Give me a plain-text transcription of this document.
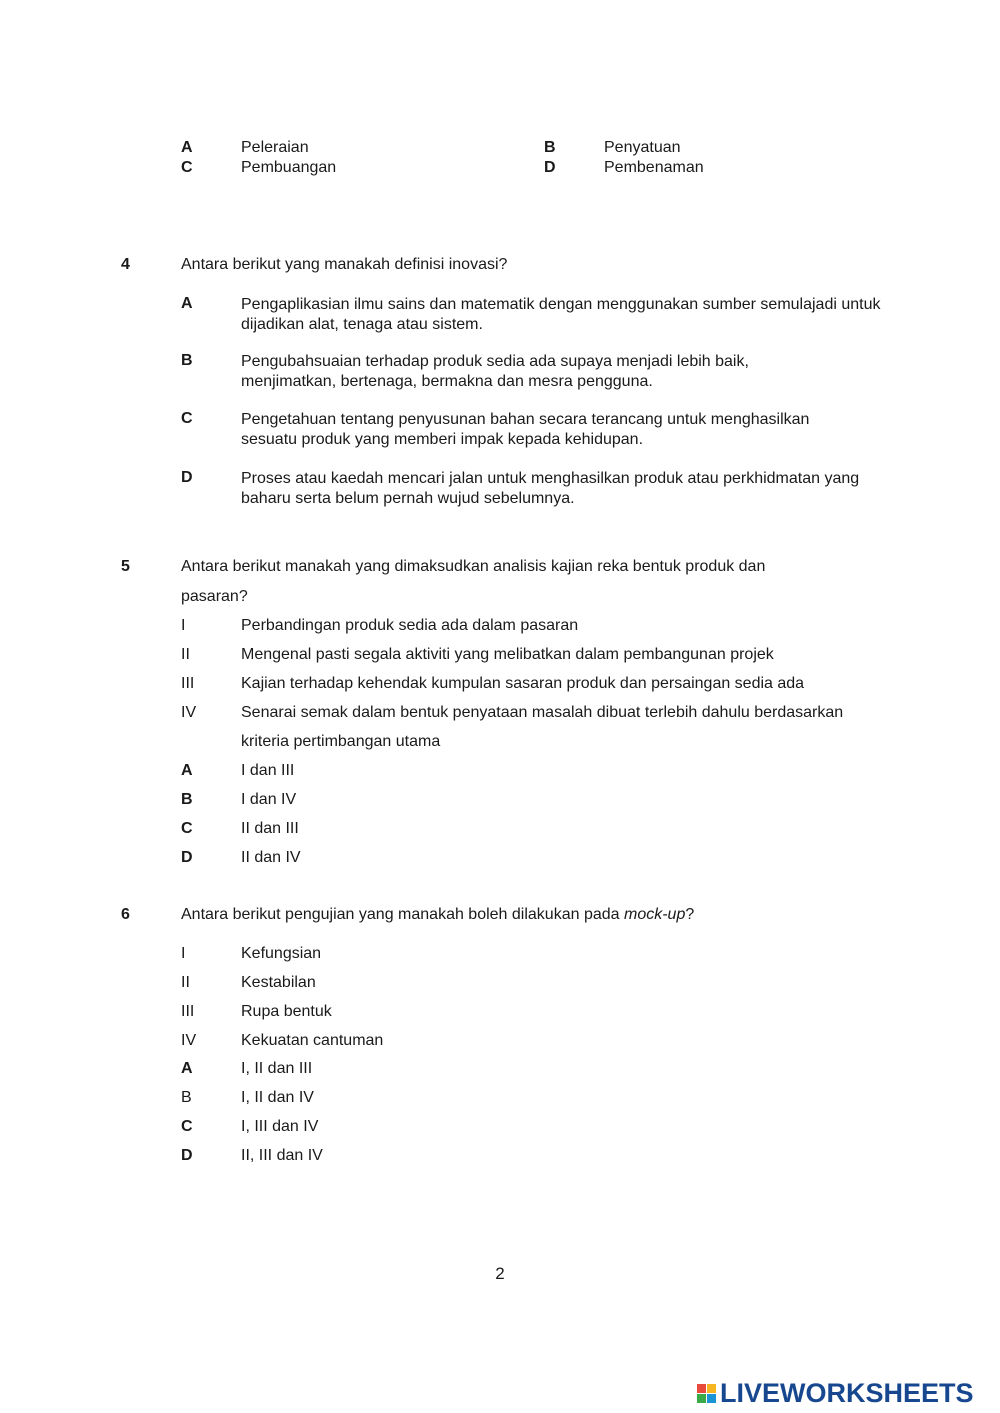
A	Peleraian	B	Penyatuan
C	Pembuangan	D	Pembenaman
4	Antara berikut yang manakah definisi inovasi?
A	Pengaplikasian ilmu sains dan matematik dengan menggunakan sumber semulajadi untuk dijadikan alat, tenaga atau sistem.
B	Pengubahsuaian terhadap produk sedia ada supaya menjadi lebih baik, menjimatkan, bertenaga, bermakna dan mesra pengguna.
C	Pengetahuan tentang penyusunan bahan secara terancang untuk menghasilkan sesuatu produk yang memberi impak kepada kehidupan.
D	Proses atau kaedah mencari jalan untuk menghasilkan produk atau perkhidmatan yang baharu serta belum pernah wujud sebelumnya.
5	Antara berikut manakah yang dimaksudkan analisis kajian reka bentuk produk dan
pasaran?
I	Perbandingan produk sedia ada dalam pasaran
II	Mengenal pasti segala aktiviti yang melibatkan dalam pembangunan projek
III	Kajian terhadap kehendak kumpulan sasaran produk dan persaingan sedia ada
IV	Senarai semak dalam bentuk penyataan masalah dibuat terlebih dahulu berdasarkan
kriteria pertimbangan utama
A	I dan III
B	I dan IV
C	II dan III
D	II dan IV
6	Antara berikut pengujian yang manakah boleh dilakukan pada mock-up?
I	Kefungsian
II	Kestabilan
III	Rupa bentuk
IV	Kekuatan cantuman
A	I, II dan III
B	I, II dan IV
C	I, III dan IV
D	II, III dan IV
2
LIVEWORKSHEETS
